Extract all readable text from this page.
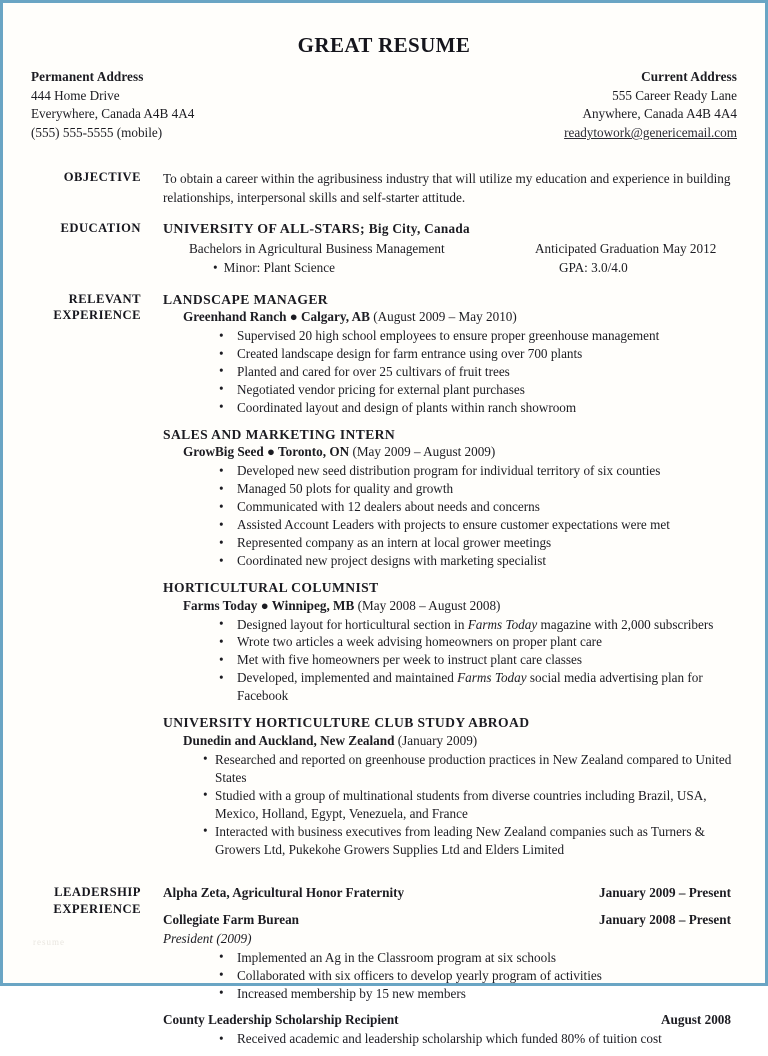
GREAT RESUME
Permanent Address
444 Home Drive
Everywhere, Canada A4B 4A4
(555) 555-5555 (mobile)
Current Address
555 Career Ready Lane
Anywhere, Canada A4B 4A4
readytowork@genericemail.com
OBJECTIVE	To obtain a career within the agribusiness industry that will utilize my education and experience in building relationships, interpersonal skills and self-starter attitude.
EDUCATION	UNIVERSITY OF ALL-STARS; Big City, Canada
Bachelors in Agricultural Business Management	Anticipated Graduation May 2012
• Minor: Plant Science	GPA: 3.0/4.0
RELEVANT
EXPERIENCE
LANDSCAPE MANAGER
Greenhand Ranch ● Calgary, AB (August 2009 – May 2010)
• Supervised 20 high school employees to ensure proper greenhouse management
• Created landscape design for farm entrance using over 700 plants
• Planted and cared for over 25 cultivars of fruit trees
• Negotiated vendor pricing for external plant purchases
• Coordinated layout and design of plants within ranch showroom
SALES AND MARKETING INTERN
GrowBig Seed ● Toronto, ON (May 2009 – August 2009)
• Developed new seed distribution program for individual territory of six counties
• Managed 50 plots for quality and growth
• Communicated with 12 dealers about needs and concerns
• Assisted Account Leaders with projects to ensure customer expectations were met
• Represented company as an intern at local grower meetings
• Coordinated new project designs with marketing specialist
HORTICULTURAL COLUMNIST
Farms Today ● Winnipeg, MB (May 2008 – August 2008)
• Designed layout for horticultural section in Farms Today magazine with 2,000 subscribers
• Wrote two articles a week advising homeowners on proper plant care
• Met with five homeowners per week to instruct plant care classes
• Developed, implemented and maintained Farms Today social media advertising plan for Facebook
UNIVERSITY HORTICULTURE CLUB STUDY ABROAD
Dunedin and Auckland, New Zealand (January 2009)
• Researched and reported on greenhouse production practices in New Zealand compared to United States
• Studied with a group of multinational students from diverse countries including Brazil, USA, Mexico, Holland, Egypt, Venezuela, and France
• Interacted with business executives from leading New Zealand companies such as Turners & Growers Ltd, Pukekohe Growers Supplies Ltd and Elders Limited
LEADERSHIP
EXPERIENCE
Alpha Zeta, Agricultural Honor Fraternity	January 2009 – Present
Collegiate Farm Burean	January 2008 – Present
President (2009)
• Implemented an Ag in the Classroom program at six schools
• Collaborated with six officers to develop yearly program of activities
• Increased membership by 15 new members
County Leadership Scholarship Recipient	August 2008
• Received academic and leadership scholarship which funded 80% of tuition cost
resume
